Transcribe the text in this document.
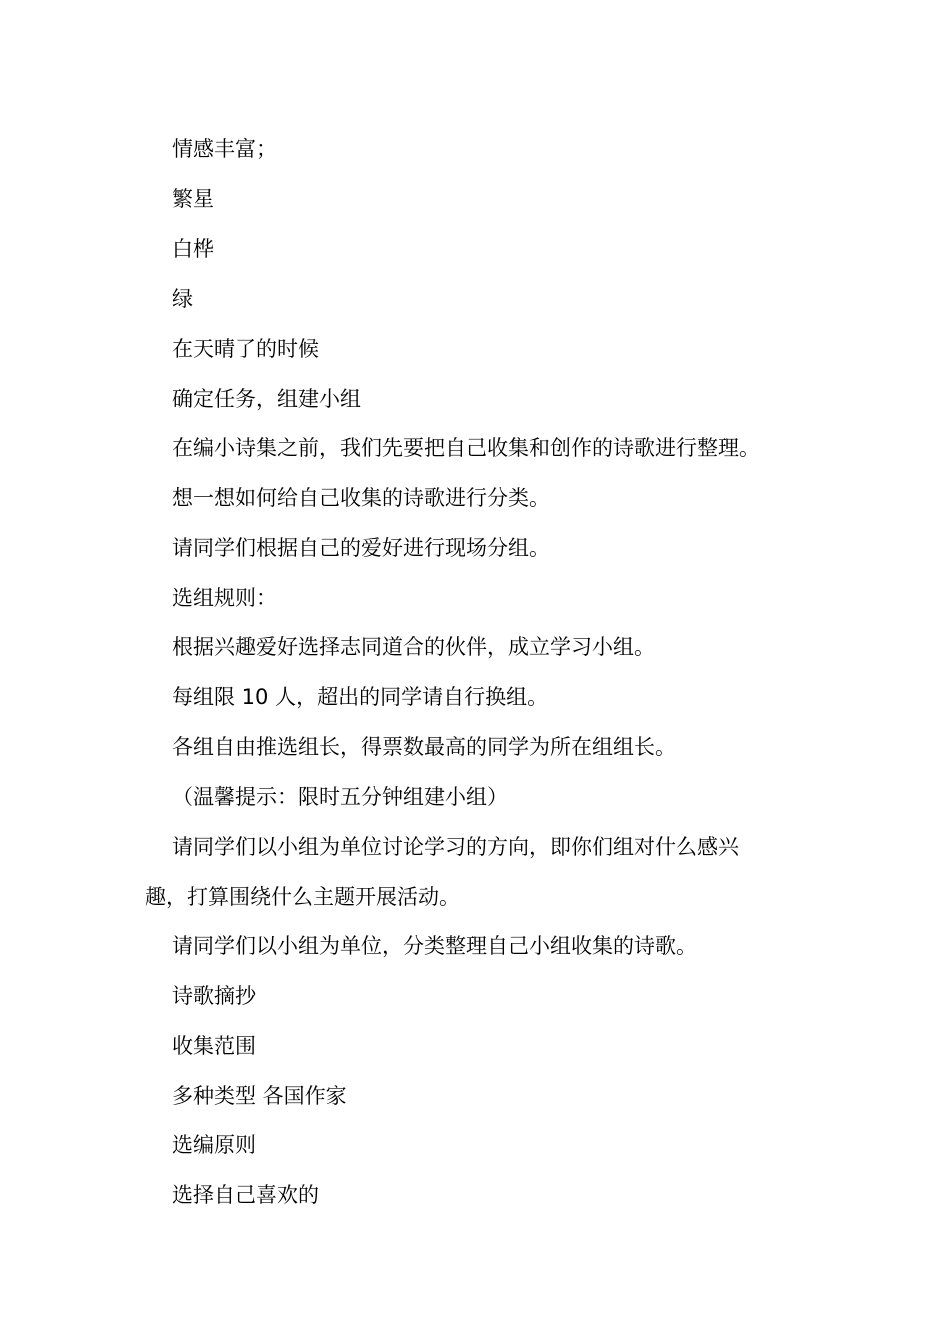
情感丰富；
繁星
白桦
绿
在天晴了的时候
确定任务，组建小组
在编小诗集之前，我们先要把自己收集和创作的诗歌进行整理。
想一想如何给自己收集的诗歌进行分类。
请同学们根据自己的爱好进行现场分组。
选组规则：
根据兴趣爱好选择志同道合的伙伴，成立学习小组。
每组限 10 人，超出的同学请自行换组。
各组自由推选组长，得票数最高的同学为所在组组长。
（温馨提示：限时五分钟组建小组）
请同学们以小组为单位讨论学习的方向，即你们组对什么感兴
趣，打算围绕什么主题开展活动。
请同学们以小组为单位，分类整理自己小组收集的诗歌。
诗歌摘抄
收集范围
多种类型 各国作家
选编原则
选择自己喜欢的
